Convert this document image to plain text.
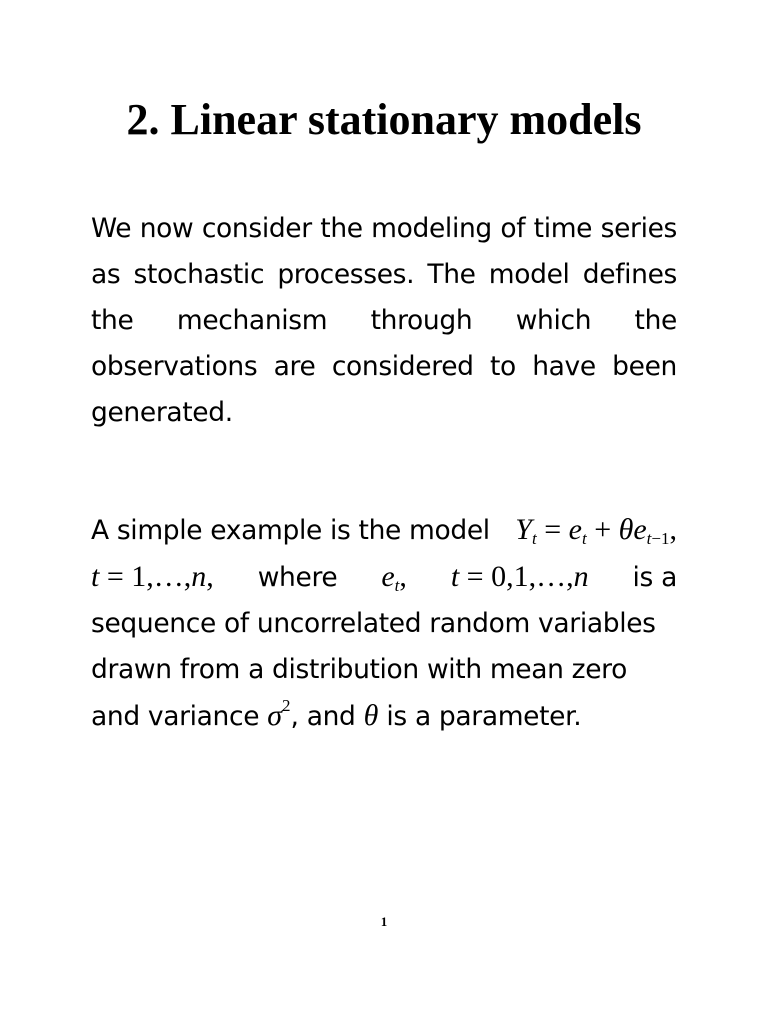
2. Linear stationary models

We now consider the modeling of time series as stochastic processes. The model defines the mechanism through which the observations are considered to have been generated.

A simple example is the model $Y_t = e_t + \theta e_{t-1}$,
t = 1,…,n, where $e_t$, t = 0,1,…,n is a
sequence of uncorrelated random variables
drawn from a distribution with mean zero
and variance $\sigma^2$, and θ is a parameter.
1
